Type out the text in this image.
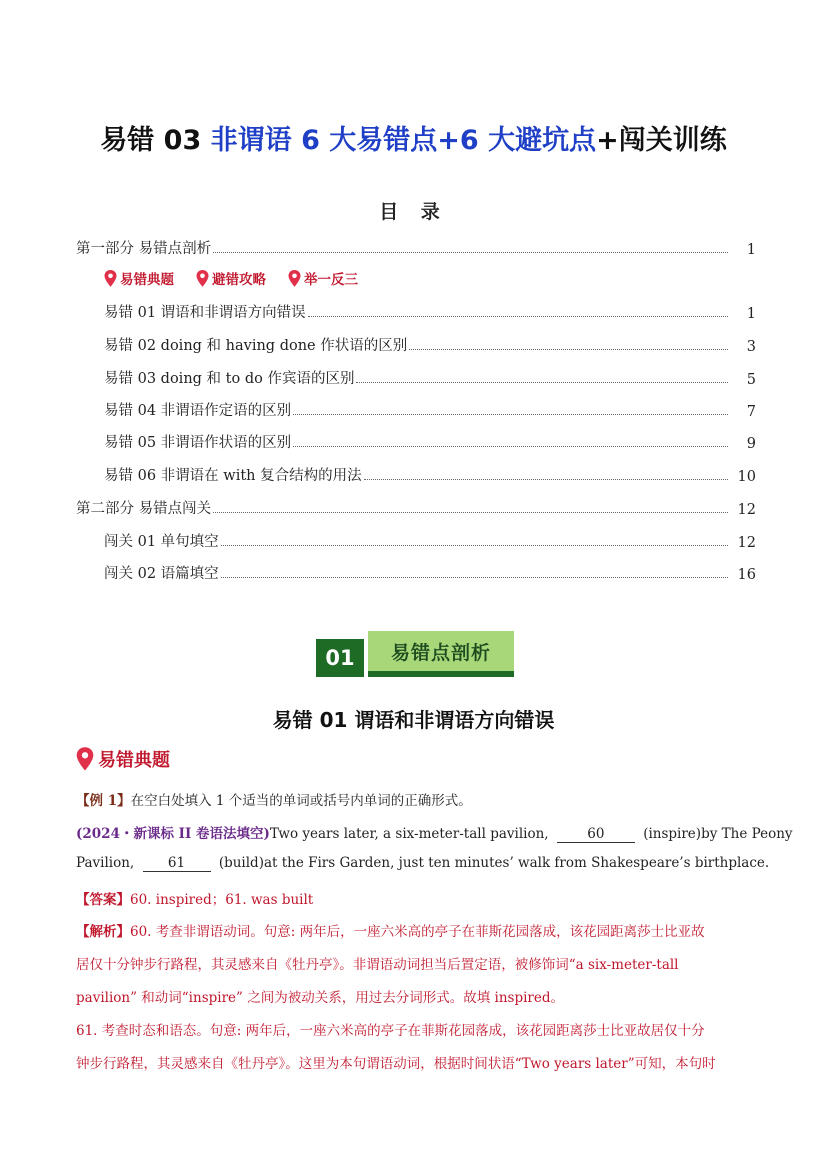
易错 03 非谓语 6 大易错点+6 大避坑点+闯关训练
目 录
第一部分 易错点剖析	1
易错典题	避错攻略	举一反三
易错 01 谓语和非谓语方向错误	1
易错 02 doing 和 having done 作状语的区别	3
易错 03 doing 和 to do 作宾语的区别	5
易错 04 非谓语作定语的区别	7
易错 05 非谓语作状语的区别	9
易错 06 非谓语在 with 复合结构的用法	10
第二部分 易错点闯关	12
闯关 01 单句填空	12
闯关 02 语篇填空	16
01	易错点剖析
易错 01 谓语和非谓语方向错误
易错典题
【例 1】在空白处填入 1 个适当的单词或括号内单词的正确形式。
(2024・新课标 II 卷语法填空)Two years later, a six-meter-tall pavilion,	60	(inspire)by The Peony
Pavilion, 61 (build)at the Firs Garden, just ten minutes’ walk from Shakespeare’s birthplace.
【答案】60. inspired；61. was built
【解析】60. 考查非谓语动词。句意: 两年后，一座六米高的亭子在菲斯花园落成，该花园距离莎士比亚故
居仅十分钟步行路程，其灵感来自《牡丹亭》。非谓语动词担当后置定语，被修饰词“a six-meter-tall
pavilion” 和动词“inspire” 之间为被动关系，用过去分词形式。故填 inspired。
61. 考查时态和语态。句意: 两年后，一座六米高的亭子在菲斯花园落成，该花园距离莎士比亚故居仅十分
钟步行路程，其灵感来自《牡丹亭》。这里为本句谓语动词，根据时间状语“Two years later”可知，本句时
